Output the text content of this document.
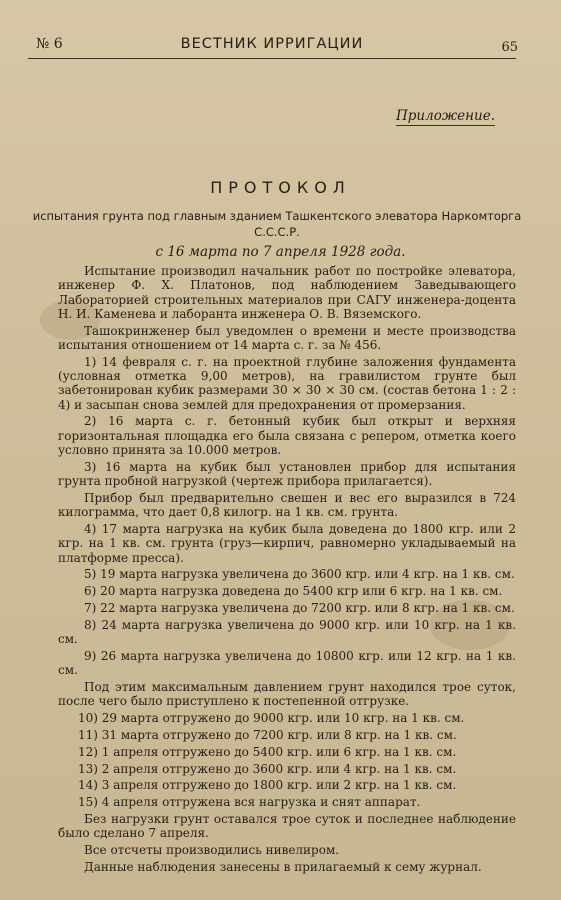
№ 6	ВЕСТНИК ИРРИГАЦИИ	65
Приложение.
ПРОТОКОЛ
испытания грунта под главным зданием Ташкентского элеватора Наркомторга С.С.С.Р.
с 16 марта по 7 апреля 1928 года.

Испытание производил начальник работ по постройке элеватора, инженер Ф. Х. Платонов, под наблюдением Заведывающего Лабораторией строительных материалов при САГУ инженера-доцента Н. И. Каменева и лаборанта инженера О. В. Вяземского.

Ташокринженер был уведомлен о времени и месте производства испытания отношением от 14 марта с. г. за № 456.

1) 14 февраля с. г. на проектной глубине заложения фундамента (условная отметка 9,00 метров), на гравилистом грунте был забетонирован кубик размерами 30 × 30 × 30 см. (состав бетона 1 : 2 : 4) и засыпан снова землей для предохранения от промерзания.

2) 16 марта с. г. бетонный кубик был открыт и верхняя горизонтальная площадка его была связана с репером, отметка коего условно принята за 10.000 метров.

3) 16 марта на кубик был установлен прибор для испытания грунта пробной нагрузкой (чертеж прибора прилагается).

Прибор был предварительно свешен и вес его выразился в 724 килограмма, что дает 0,8 килогр. на 1 кв. см. грунта.

4) 17 марта нагрузка на кубик была доведена до 1800 кгр. или 2 кгр. на 1 кв. см. грунта (груз—кирпич, равномерно укладываемый на платформе пресса).

5) 19 марта нагрузка увеличена до 3600 кгр. или 4 кгр. на 1 кв. см.

6) 20 марта нагрузка доведена до 5400 кгр или 6 кгр. на 1 кв. см.

7) 22 марта нагрузка увеличена до 7200 кгр. или 8 кгр. на 1 кв. см.

8) 24 марта нагрузка увеличена до 9000 кгр. или 10 кгр. на 1 кв. см.

9) 26 марта нагрузка увеличена до 10800 кгр. или 12 кгр. на 1 кв. см.

Под этим максимальным давлением грунт находился трое суток, после чего было приступлено к постепенной отгрузке.

10) 29 марта отгружено до 9000 кгр. или 10 кгр. на 1 кв. см.

11) 31 марта отгружено до 7200 кгр. или 8 кгр. на 1 кв. см.

12) 1 апреля отгружено до 5400 кгр. или 6 кгр. на 1 кв. см.

13) 2 апреля отгружено до 3600 кгр. или 4 кгр. на 1 кв. см.

14) 3 апреля отгружено до 1800 кгр. или 2 кгр. на 1 кв. см.

15) 4 апреля отгружена вся нагрузка и снят аппарат.

Без нагрузки грунт оставался трое суток и последнее наблюдение было сделано 7 апреля.

Все отсчеты производились нивелиром.

Данные наблюдения занесены в прилагаемый к сему журнал.
